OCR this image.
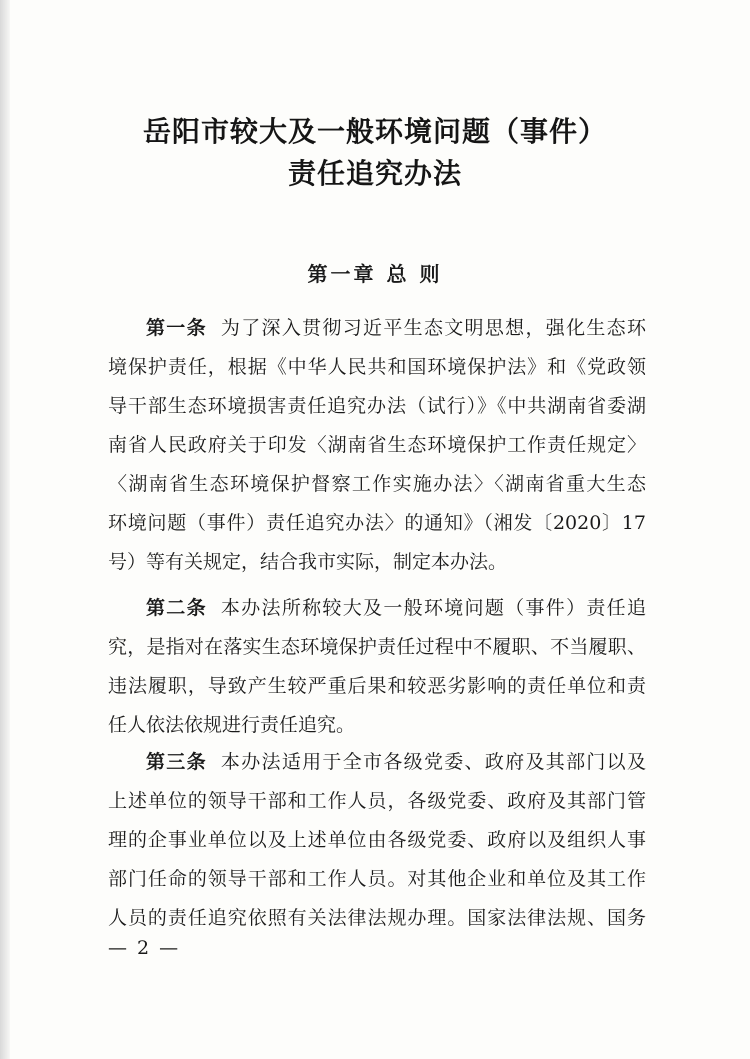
岳阳市较大及一般环境问题（事件）
责任追究办法
第一章 总 则
第一条 为了深入贯彻习近平生态文明思想，强化生态环
境保护责任，根据《中华人民共和国环境保护法》和《党政领
导干部生态环境损害责任追究办法（试行）》《中共湖南省委湖
南省人民政府关于印发〈湖南省生态环境保护工作责任规定〉
〈湖南省生态环境保护督察工作实施办法〉〈湖南省重大生态
环境问题（事件）责任追究办法〉的通知》（湘发〔2020〕17
号）等有关规定，结合我市实际，制定本办法。
第二条 本办法所称较大及一般环境问题（事件）责任追
究，是指对在落实生态环境保护责任过程中不履职、不当履职、
违法履职，导致产生较严重后果和较恶劣影响的责任单位和责
任人依法依规进行责任追究。
第三条 本办法适用于全市各级党委、政府及其部门以及
上述单位的领导干部和工作人员，各级党委、政府及其部门管
理的企事业单位以及上述单位由各级党委、政府以及组织人事
部门任命的领导干部和工作人员。对其他企业和单位及其工作
人员的责任追究依照有关法律法规办理。国家法律法规、国务
— 2 —
